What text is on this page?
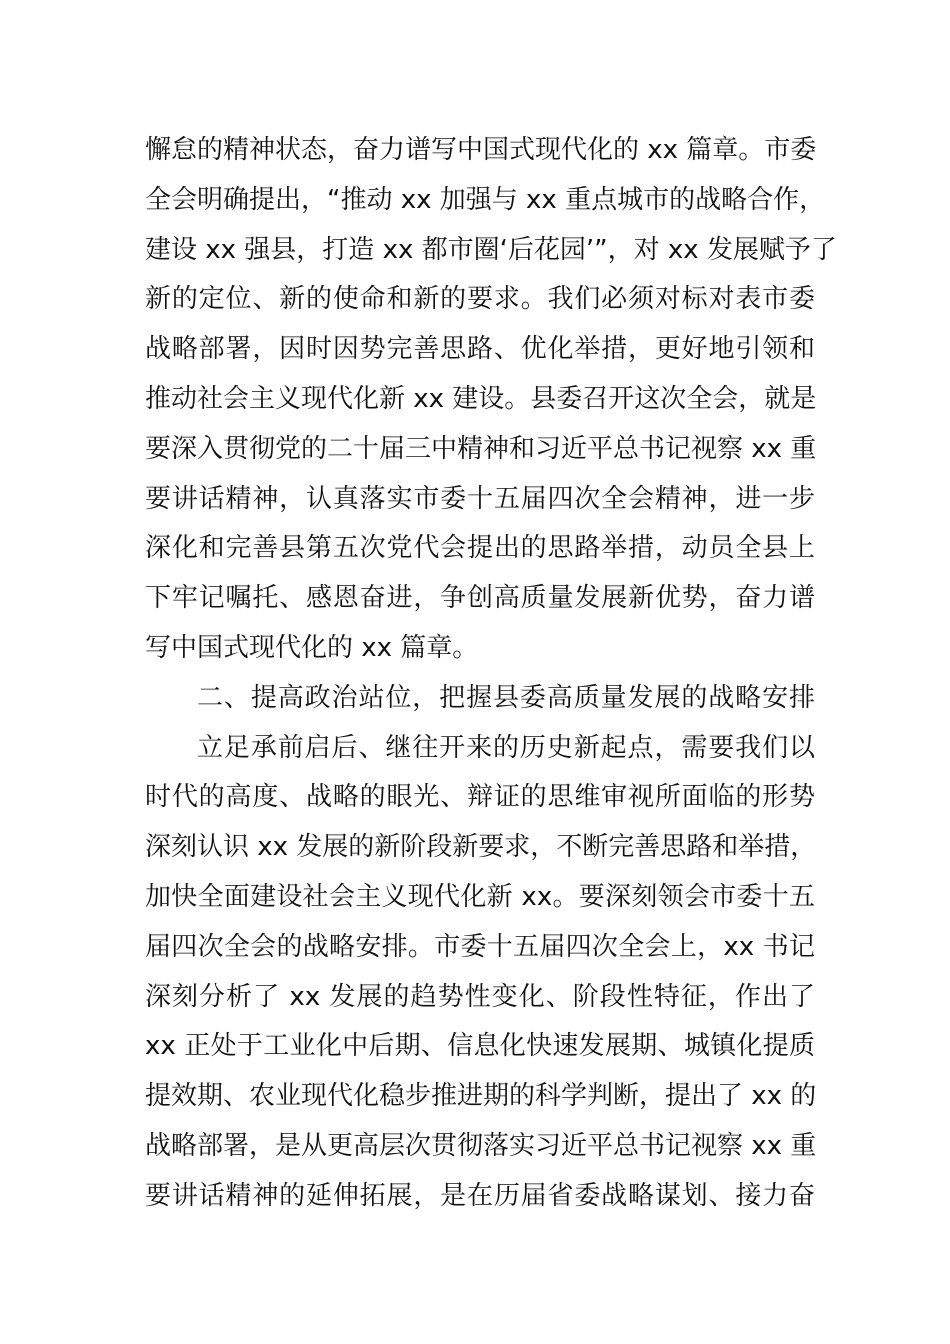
懈怠的精神状态，奋力谱写中国式现代化的 xx 篇章。市委
全会明确提出，“推动 xx 加强与 xx 重点城市的战略合作，
建设 xx 强县，打造 xx 都市圈‘后花园’”，对 xx 发展赋予了
新的定位、新的使命和新的要求。我们必须对标对表市委
战略部署，因时因势完善思路、优化举措，更好地引领和
推动社会主义现代化新 xx 建设。县委召开这次全会，就是
要深入贯彻党的二十届三中精神和习近平总书记视察 xx 重
要讲话精神，认真落实市委十五届四次全会精神，进一步
深化和完善县第五次党代会提出的思路举措，动员全县上
下牢记嘱托、感恩奋进，争创高质量发展新优势，奋力谱
写中国式现代化的 xx 篇章。
二、提高政治站位，把握县委高质量发展的战略安排
立足承前启后、继往开来的历史新起点，需要我们以
时代的高度、战略的眼光、辩证的思维审视所面临的形势
深刻认识 xx 发展的新阶段新要求，不断完善思路和举措，
加快全面建设社会主义现代化新 xx。要深刻领会市委十五
届四次全会的战略安排。市委十五届四次全会上，xx 书记
深刻分析了 xx 发展的趋势性变化、阶段性特征，作出了
xx 正处于工业化中后期、信息化快速发展期、城镇化提质
提效期、农业现代化稳步推进期的科学判断，提出了 xx 的
战略部署，是从更高层次贯彻落实习近平总书记视察 xx 重
要讲话精神的延伸拓展，是在历届省委战略谋划、接力奋
